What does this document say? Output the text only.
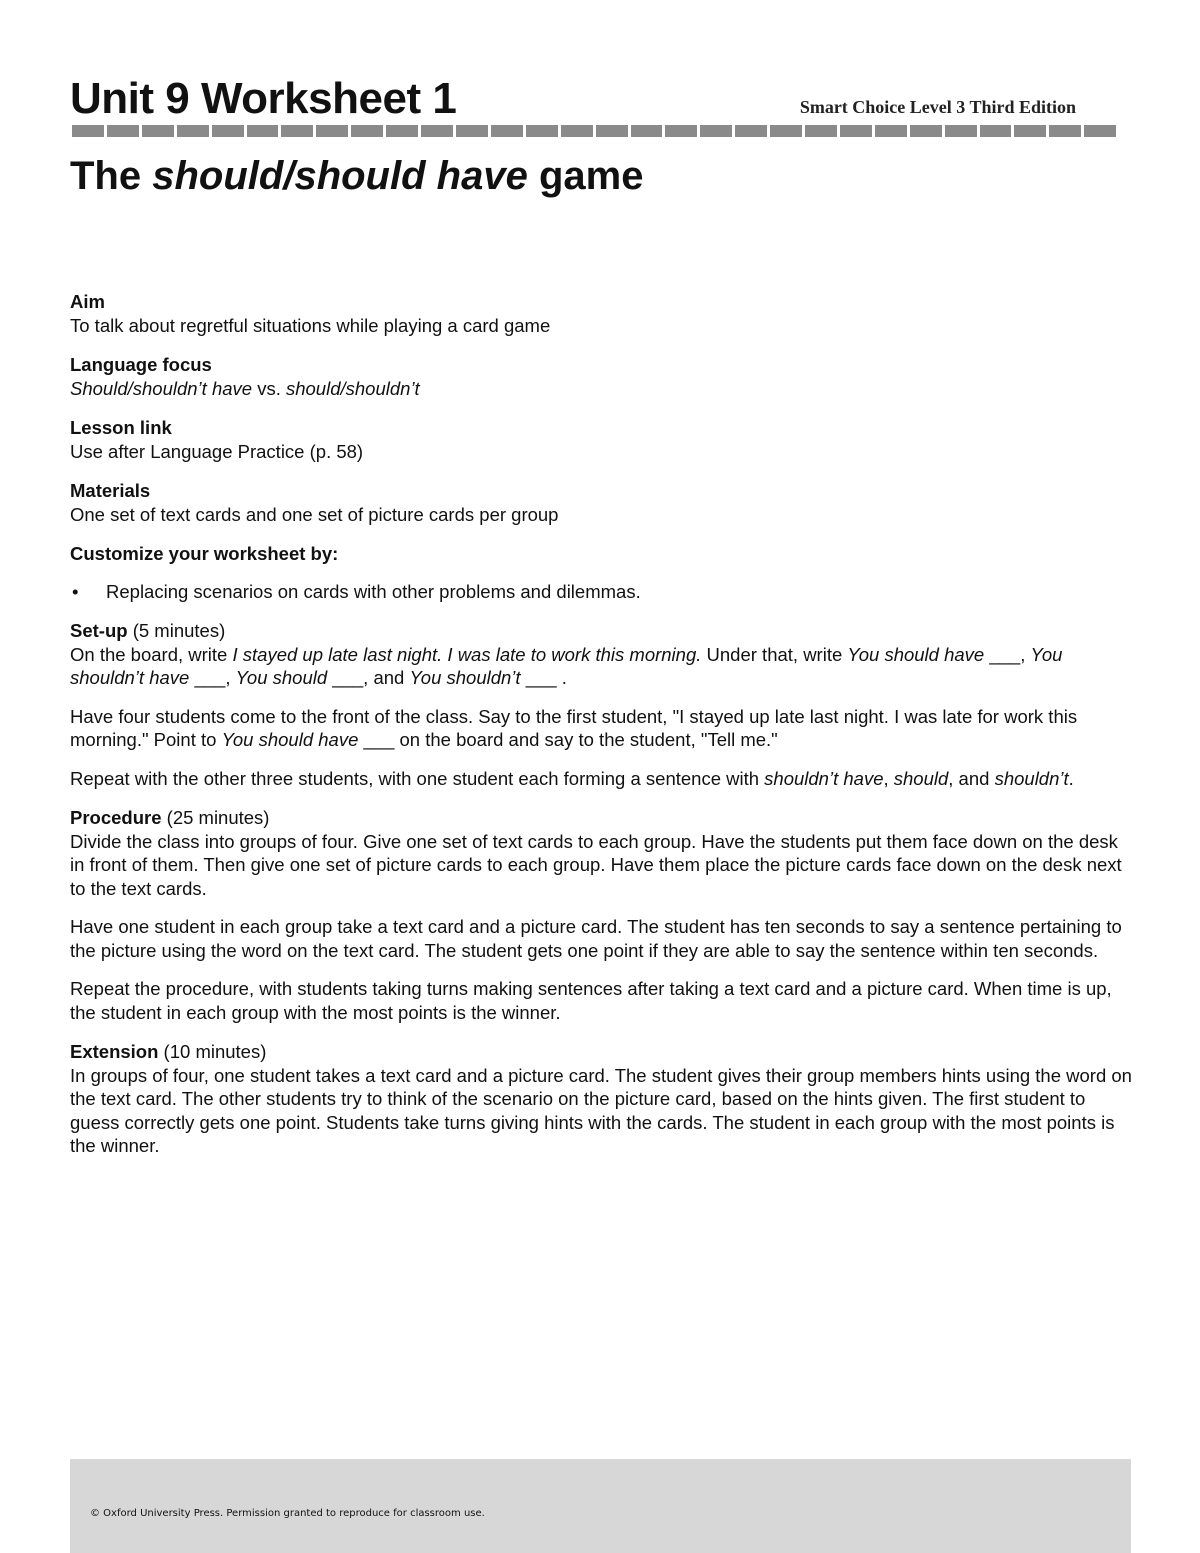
Unit 9 Worksheet 1	Smart Choice Level 3 Third Edition
The should/should have game
Aim
To talk about regretful situations while playing a card game
Language focus
Should/shouldn’t have vs. should/shouldn’t
Lesson link
Use after Language Practice (p. 58)
Materials
One set of text cards and one set of picture cards per group
Customize your worksheet by:
• Replacing scenarios on cards with other problems and dilemmas.
Set-up (5 minutes)

On the board, write I stayed up late last night. I was late to work this morning. Under that, write You should have ___, You shouldn’t have ___, You should ___, and You shouldn’t ___ .

Have four students come to the front of the class. Say to the first student, "I stayed up late last night. I was late for work this morning." Point to You should have ___ on the board and say to the student, "Tell me."

Repeat with the other three students, with one student each forming a sentence with shouldn’t have, should, and shouldn’t.

Procedure (25 minutes)

Divide the class into groups of four. Give one set of text cards to each group. Have the students put them face down on the desk in front of them. Then give one set of picture cards to each group. Have them place the picture cards face down on the desk next to the text cards.

Have one student in each group take a text card and a picture card. The student has ten seconds to say a sentence pertaining to the picture using the word on the text card. The student gets one point if they are able to say the sentence within ten seconds.

Repeat the procedure, with students taking turns making sentences after taking a text card and a picture card. When time is up, the student in each group with the most points is the winner.

Extension (10 minutes)

In groups of four, one student takes a text card and a picture card. The student gives their group members hints using the word on the text card. The other students try to think of the scenario on the picture card, based on the hints given. The first student to guess correctly gets one point. Students take turns giving hints with the cards. The student in each group with the most points is the winner.

© Oxford University Press. Permission granted to reproduce for classroom use.
